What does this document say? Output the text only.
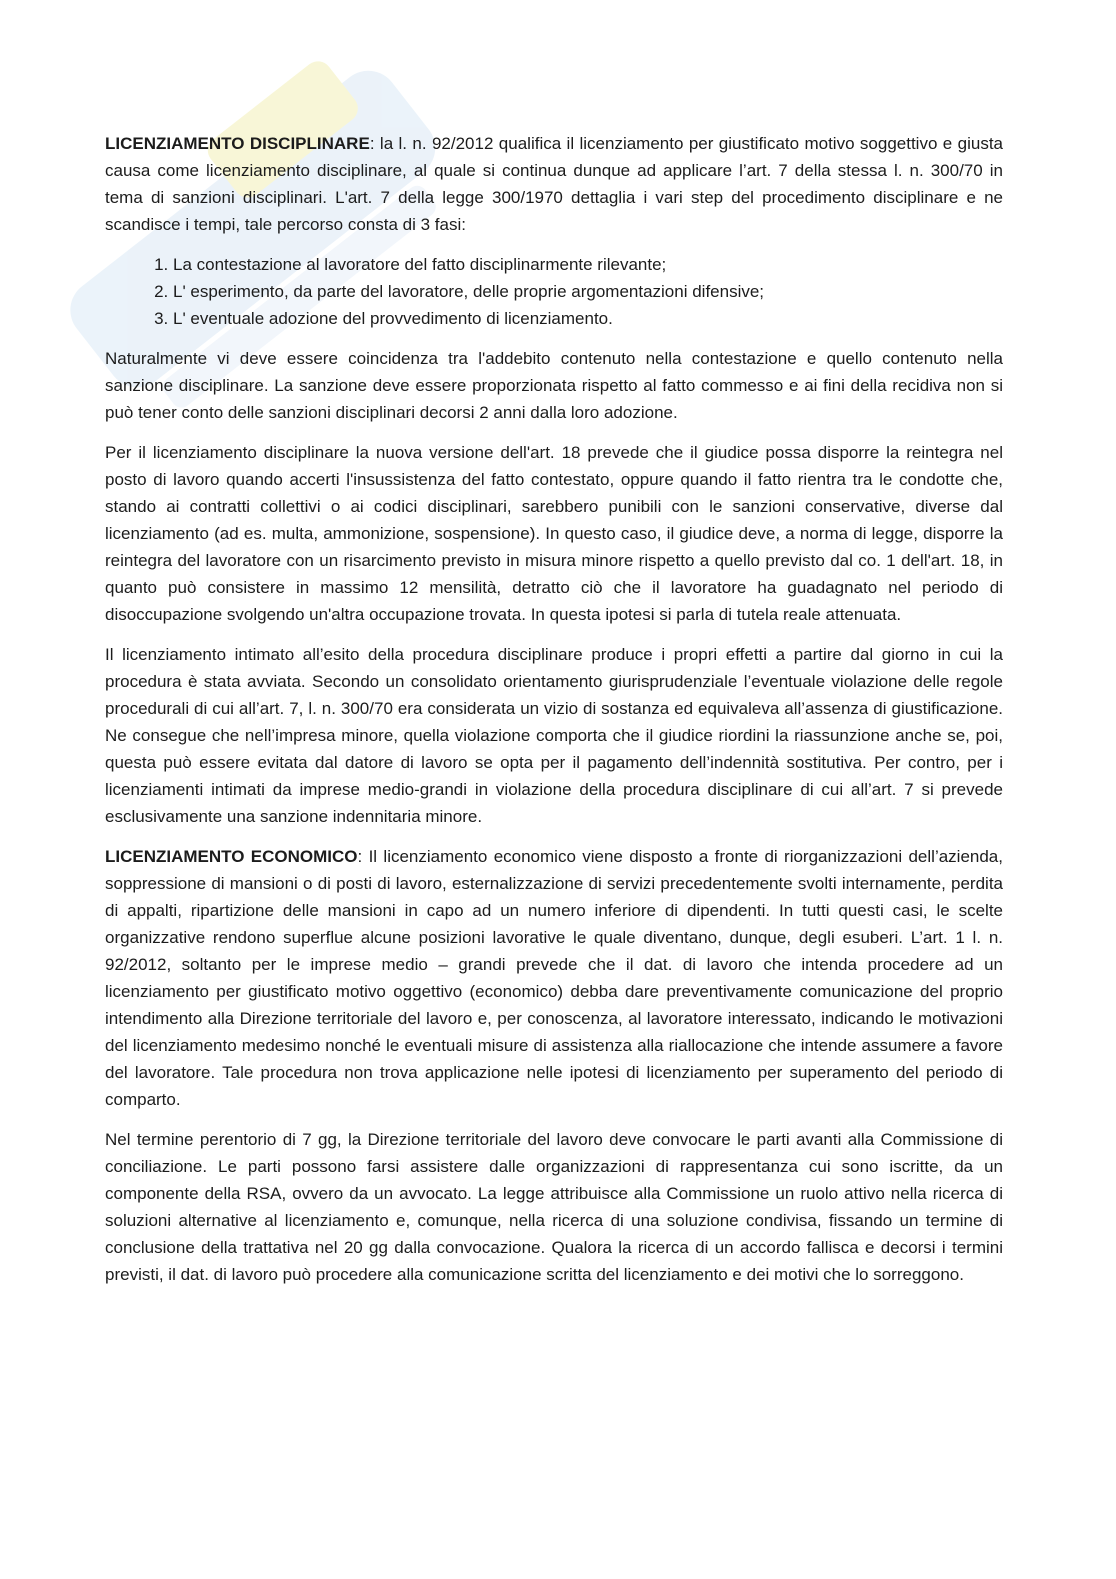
LICENZIAMENTO DISCIPLINARE: la l. n. 92/2012 qualifica il licenziamento per giustificato motivo soggettivo e giusta causa come licenziamento disciplinare, al quale si continua dunque ad applicare l’art. 7 della stessa l. n. 300/70 in tema di sanzioni disciplinari. L'art. 7 della legge 300/1970 dettaglia i vari step del procedimento disciplinare e ne scandisce i tempi, tale percorso consta di 3 fasi:

1. La contestazione al lavoratore del fatto disciplinarmente rilevante;
2. L' esperimento, da parte del lavoratore, delle proprie argomentazioni difensive;
3. L' eventuale adozione del provvedimento di licenziamento.

Naturalmente vi deve essere coincidenza tra l'addebito contenuto nella contestazione e quello contenuto nella sanzione disciplinare. La sanzione deve essere proporzionata rispetto al fatto commesso e ai fini della recidiva non si può tener conto delle sanzioni disciplinari decorsi 2 anni dalla loro adozione.

Per il licenziamento disciplinare la nuova versione dell'art. 18 prevede che il giudice possa disporre la reintegra nel posto di lavoro quando accerti l'insussistenza del fatto contestato, oppure quando il fatto rientra tra le condotte che, stando ai contratti collettivi o ai codici disciplinari, sarebbero punibili con le sanzioni conservative, diverse dal licenziamento (ad es. multa, ammonizione, sospensione). In questo caso, il giudice deve, a norma di legge, disporre la reintegra del lavoratore con un risarcimento previsto in misura minore rispetto a quello previsto dal co. 1 dell'art. 18, in quanto può consistere in massimo 12 mensilità, detratto ciò che il lavoratore ha guadagnato nel periodo di disoccupazione svolgendo un'altra occupazione trovata. In questa ipotesi si parla di tutela reale attenuata.

Il licenziamento intimato all’esito della procedura disciplinare produce i propri effetti a partire dal giorno in cui la procedura è stata avviata. Secondo un consolidato orientamento giurisprudenziale l’eventuale violazione delle regole procedurali di cui all’art. 7, l. n. 300/70 era considerata un vizio di sostanza ed equivaleva all’assenza di giustificazione. Ne consegue che nell’impresa minore, quella violazione comporta che il giudice riordini la riassunzione anche se, poi, questa può essere evitata dal datore di lavoro se opta per il pagamento dell’indennità sostitutiva. Per contro, per i licenziamenti intimati da imprese medio-grandi in violazione della procedura disciplinare di cui all’art. 7 si prevede esclusivamente una sanzione indennitaria minore.

LICENZIAMENTO ECONOMICO: Il licenziamento economico viene disposto a fronte di riorganizzazioni dell’azienda, soppressione di mansioni o di posti di lavoro, esternalizzazione di servizi precedentemente svolti internamente, perdita di appalti, ripartizione delle mansioni in capo ad un numero inferiore di dipendenti. In tutti questi casi, le scelte organizzative rendono superflue alcune posizioni lavorative le quale diventano, dunque, degli esuberi. L’art. 1 l. n. 92/2012, soltanto per le imprese medio – grandi prevede che il dat. di lavoro che intenda procedere ad un licenziamento per giustificato motivo oggettivo (economico) debba dare preventivamente comunicazione del proprio intendimento alla Direzione territoriale del lavoro e, per conoscenza, al lavoratore interessato, indicando le motivazioni del licenziamento medesimo nonché le eventuali misure di assistenza alla riallocazione che intende assumere a favore del lavoratore. Tale procedura non trova applicazione nelle ipotesi di licenziamento per superamento del periodo di comparto.

Nel termine perentorio di 7 gg, la Direzione territoriale del lavoro deve convocare le parti avanti alla Commissione di conciliazione. Le parti possono farsi assistere dalle organizzazioni di rappresentanza cui sono iscritte, da un componente della RSA, ovvero da un avvocato. La legge attribuisce alla Commissione un ruolo attivo nella ricerca di soluzioni alternative al licenziamento e, comunque, nella ricerca di una soluzione condivisa, fissando un termine di conclusione della trattativa nel 20 gg dalla convocazione. Qualora la ricerca di un accordo fallisca e decorsi i termini previsti, il dat. di lavoro può procedere alla comunicazione scritta del licenziamento e dei motivi che lo sorreggono.
